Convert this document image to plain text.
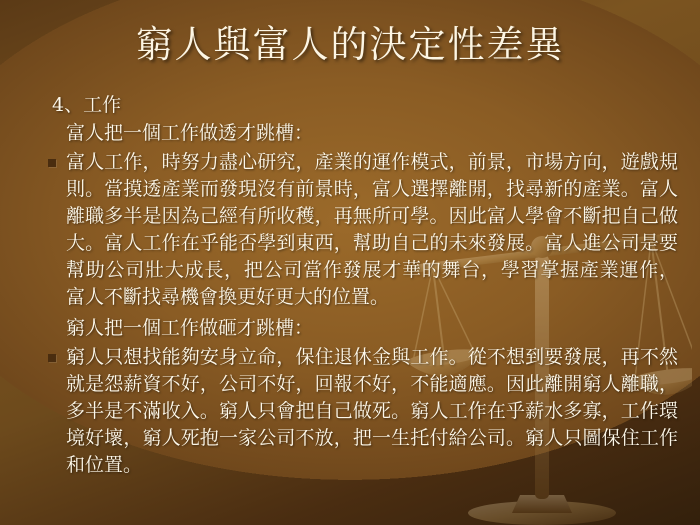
窮人與富人的決定性差異
4、工作
富人把一個工作做透才跳槽：
富人工作，時努力盡心研究，產業的運作模式，前景，市場方向，遊戲規則。當摸透產業而發現沒有前景時，富人選擇離開，找尋新的產業。富人離職多半是因為己經有所收穫，再無所可學。因此富人學會不斷把自己做大。富人工作在乎能否學到東西，幫助自己的未來發展。富人進公司是要幫助公司壯大成長，把公司當作發展才華的舞台，學習掌握產業運作， 富人不斷找尋機會換更好更大的位置。
窮人把一個工作做砸才跳槽：
窮人只想找能夠安身立命，保住退休金與工作。從不想到要發展，再不然就是怨薪資不好，公司不好，回報不好，不能適應。因此離開窮人離職，多半是不滿收入。窮人只會把自己做死。窮人工作在乎薪水多寡，工作環境好壞，窮人死抱一家公司不放，把一生托付給公司。窮人只圖保住工作和位置。
